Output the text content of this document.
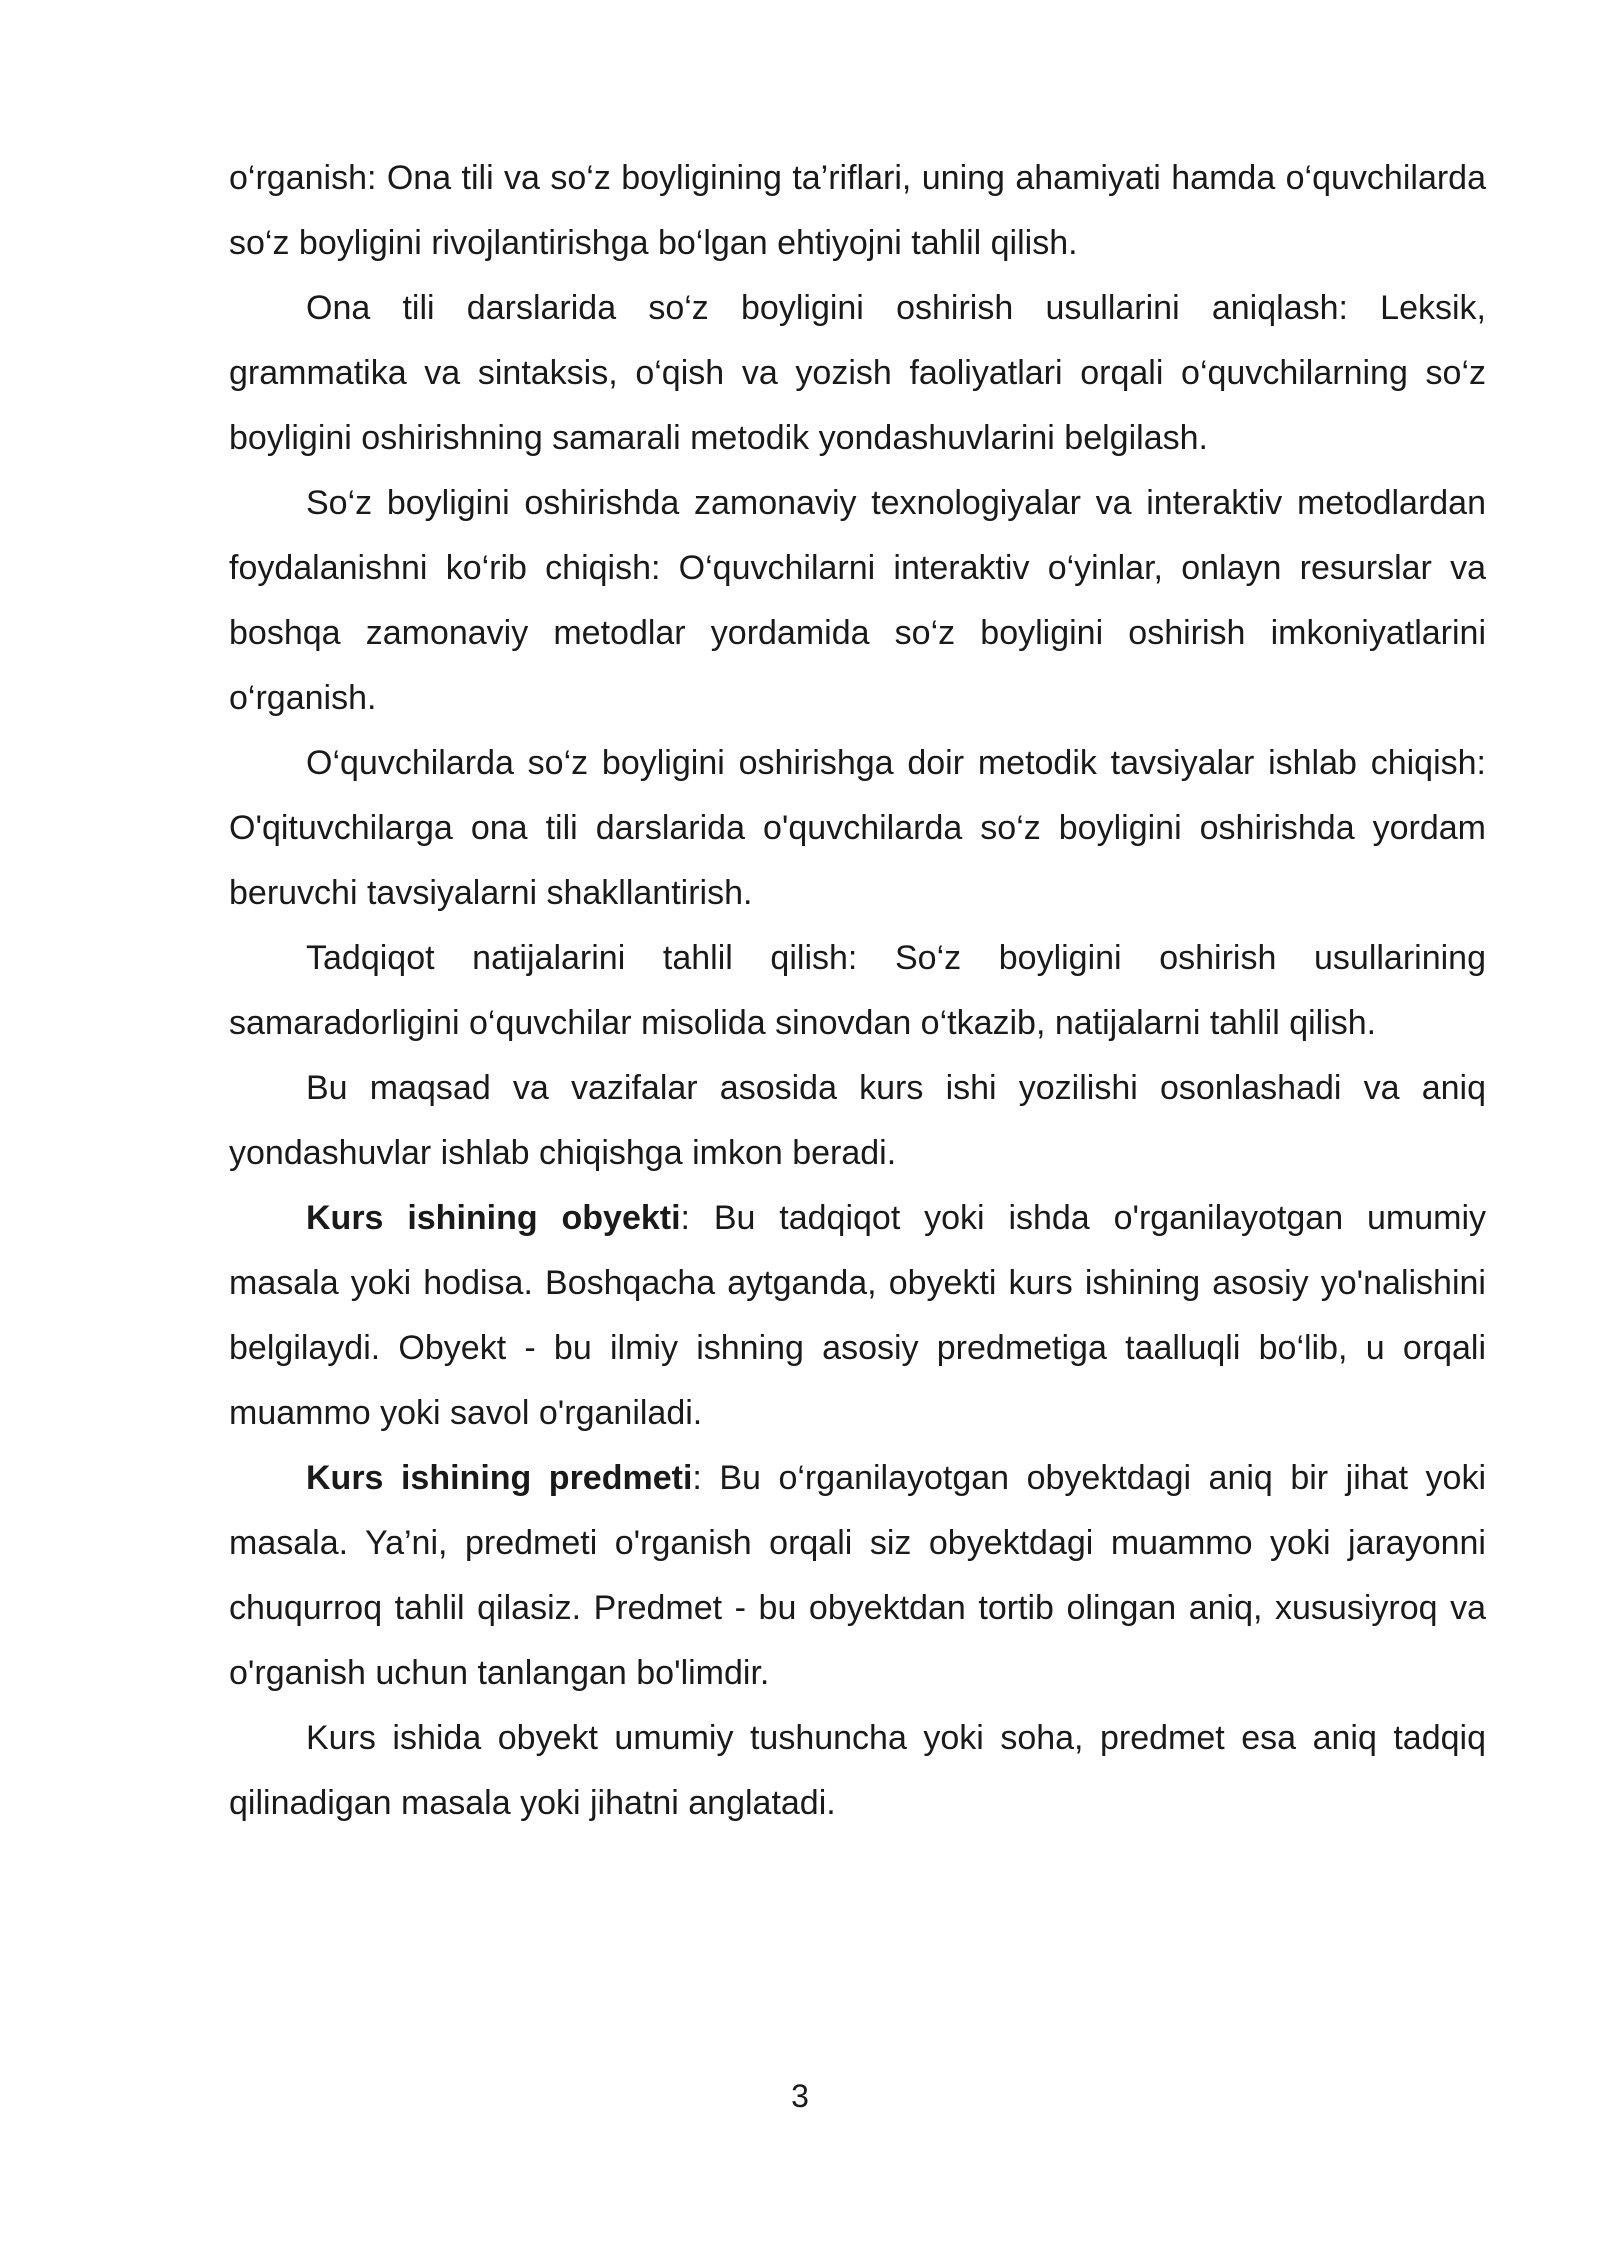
o‘rganish: Ona tili va so‘z boyligining ta’riflari, uning ahamiyati hamda o‘quvchilarda so‘z boyligini rivojlantirishga bo‘lgan ehtiyojni tahlil qilish.

Ona tili darslarida so‘z boyligini oshirish usullarini aniqlash: Leksik, grammatika va sintaksis, o‘qish va yozish faoliyatlari orqali o‘quvchilarning so‘z boyligini oshirishning samarali metodik yondashuvlarini belgilash.

So‘z boyligini oshirishda zamonaviy texnologiyalar va interaktiv metodlardan foydalanishni ko‘rib chiqish: O‘quvchilarni interaktiv o‘yinlar, onlayn resurslar va boshqa zamonaviy metodlar yordamida so‘z boyligini oshirish imkoniyatlarini o‘rganish.

O‘quvchilarda so‘z boyligini oshirishga doir metodik tavsiyalar ishlab chiqish: O'qituvchilarga ona tili darslarida o'quvchilarda so‘z boyligini oshirishda yordam beruvchi tavsiyalarni shakllantirish.

Tadqiqot natijalarini tahlil qilish: So‘z boyligini oshirish usullarining samaradorligini o‘quvchilar misolida sinovdan o‘tkazib, natijalarni tahlil qilish.

Bu maqsad va vazifalar asosida kurs ishi yozilishi osonlashadi va aniq yondashuvlar ishlab chiqishga imkon beradi.

Kurs ishining obyekti: Bu tadqiqot yoki ishda o'rganilayotgan umumiy masala yoki hodisa. Boshqacha aytganda, obyekti kurs ishining asosiy yo'nalishini belgilaydi. Obyekt - bu ilmiy ishning asosiy predmetiga taalluqli bo‘lib, u orqali muammo yoki savol o'rganiladi.

Kurs ishining predmeti: Bu o‘rganilayotgan obyektdagi aniq bir jihat yoki masala. Ya’ni, predmeti o'rganish orqali siz obyektdagi muammo yoki jarayonni chuqurroq tahlil qilasiz. Predmet - bu obyektdan tortib olingan aniq, xususiyroq va o'rganish uchun tanlangan bo'limdir.

Kurs ishida obyekt umumiy tushuncha yoki soha, predmet esa aniq tadqiq qilinadigan masala yoki jihatni anglatadi.

3
